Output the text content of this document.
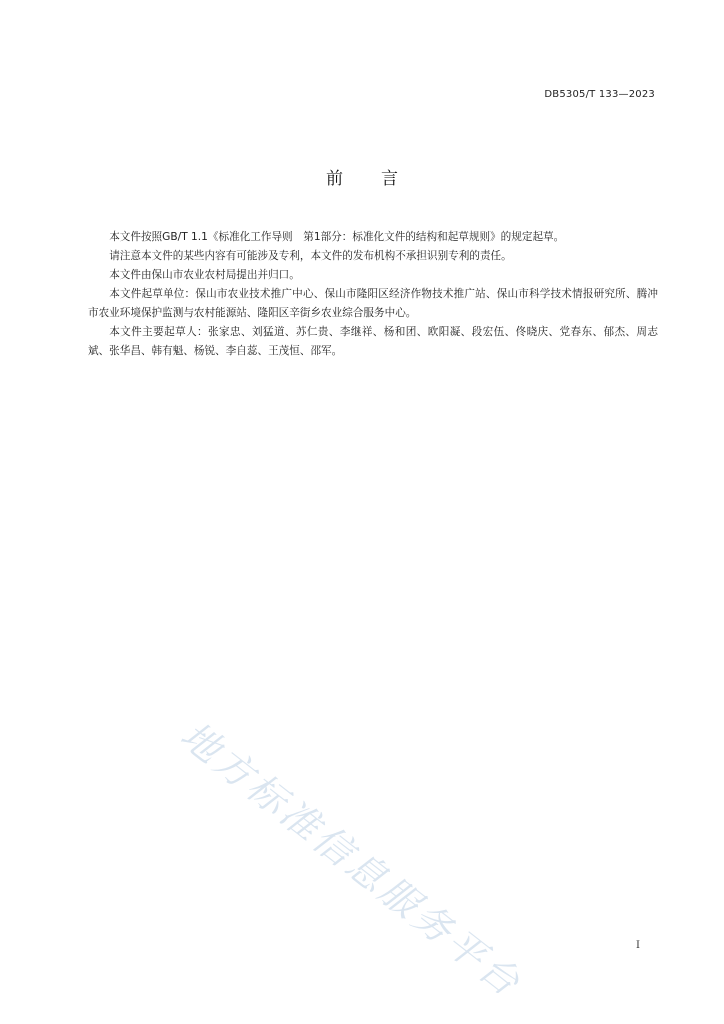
DB5305/T 133—2023
前 言

本文件按照GB/T 1.1《标准化工作导则　第1部分：标准化文件的结构和起草规则》的规定起草。

请注意本文件的某些内容有可能涉及专利，本文件的发布机构不承担识别专利的责任。

本文件由保山市农业农村局提出并归口。

本文件起草单位：保山市农业技术推广中心、保山市隆阳区经济作物技术推广站、保山市科学技术情报研究所、腾冲市农业环境保护监测与农村能源站、隆阳区辛街乡农业综合服务中心。

本文件主要起草人：张家忠、刘猛道、苏仁贵、李继祥、杨和团、欧阳凝、段宏伍、佟晓庆、党春东、郁杰、周志斌、张华昌、韩有魁、杨锐、李自蕊、王茂恒、邵军。

地方标准信息服务平台	I
